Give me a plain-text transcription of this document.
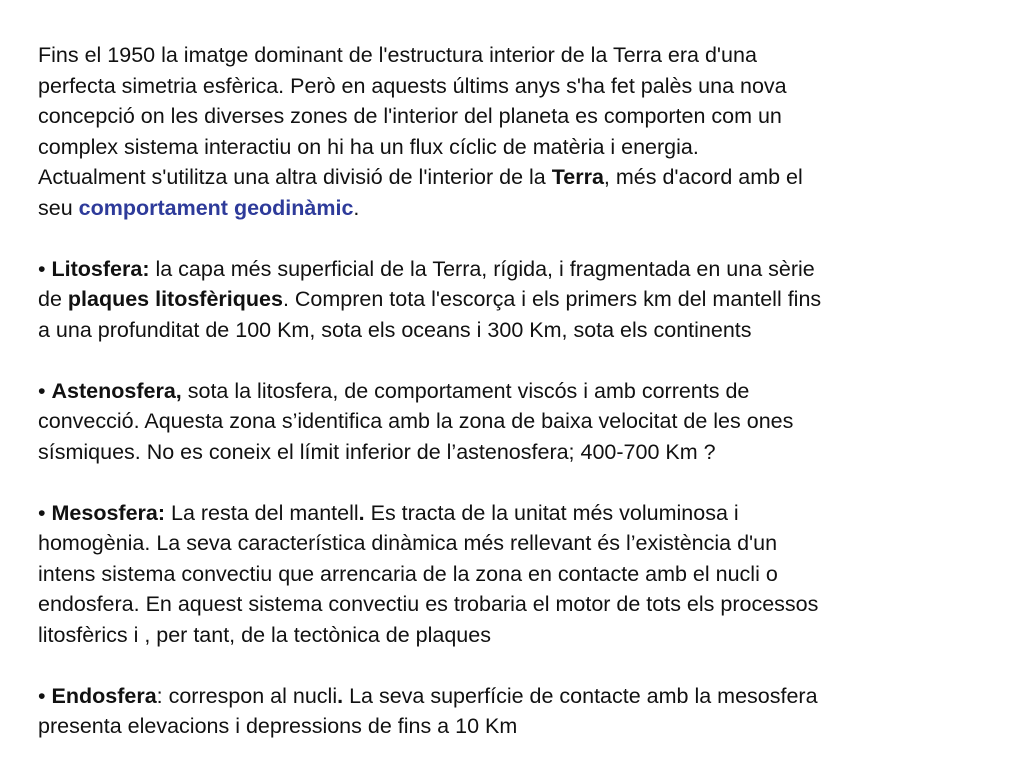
Fins el 1950 la imatge dominant de l'estructura interior de la Terra era d'una
perfecta simetria esfèrica. Però en aquests últims anys s'ha fet palès una nova
concepció on les diverses zones de l'interior del planeta es comporten com un
complex sistema interactiu on hi ha un flux cíclic de matèria i energia.
Actualment s'utilitza una altra divisió de l'interior de la Terra, més d'acord amb el
seu comportament geodinàmic.

• Litosfera: la capa més superficial de la Terra, rígida, i fragmentada en una sèrie
de plaques litosfèriques. Compren tota l'escorça i els primers km del mantell fins
a una profunditat de 100 Km, sota els oceans i 300 Km, sota els continents

• Astenosfera, sota la litosfera, de comportament viscós i amb corrents de
convecció. Aquesta zona s’identifica amb la zona de baixa velocitat de les ones
sísmiques. No es coneix el límit inferior de l’astenosfera; 400-700 Km ?

• Mesosfera: La resta del mantell. Es tracta de la unitat més voluminosa i
homogènia. La seva característica dinàmica més rellevant és l’existència d'un
intens sistema convectiu que arrencaria de la zona en contacte amb el nucli o
endosfera. En aquest sistema convectiu es trobaria el motor de tots els processos
litosfèrics i , per tant, de la tectònica de plaques

• Endosfera: correspon al nucli. La seva superfície de contacte amb la mesosfera
presenta elevacions i depressions de fins a 10 Km
